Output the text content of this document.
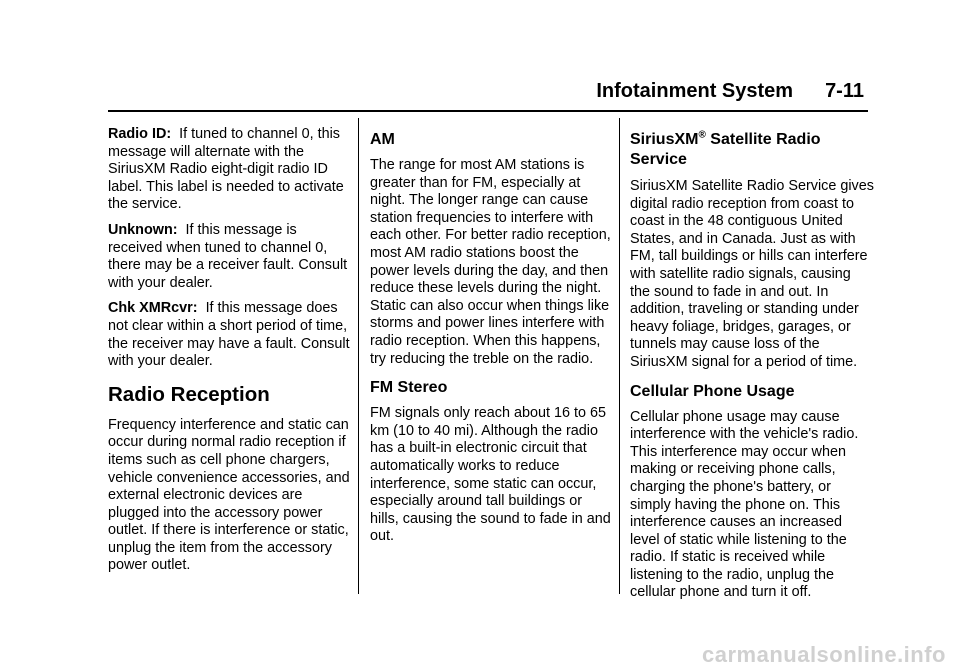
Infotainment System 7-11

Radio ID: If tuned to channel 0, this message will alternate with the SiriusXM Radio eight-digit radio ID label. This label is needed to activate the service.

Unknown: If this message is received when tuned to channel 0, there may be a receiver fault. Consult with your dealer.

Chk XMRcvr: If this message does not clear within a short period of time, the receiver may have a fault. Consult with your dealer.

Radio Reception

Frequency interference and static can occur during normal radio reception if items such as cell phone chargers, vehicle convenience accessories, and external electronic devices are plugged into the accessory power outlet. If there is interference or static, unplug the item from the accessory power outlet.

AM

The range for most AM stations is greater than for FM, especially at night. The longer range can cause station frequencies to interfere with each other. For better radio reception, most AM radio stations boost the power levels during the day, and then reduce these levels during the night. Static can also occur when things like storms and power lines interfere with radio reception. When this happens, try reducing the treble on the radio.

FM Stereo

FM signals only reach about 16 to 65 km (10 to 40 mi). Although the radio has a built-in electronic circuit that automatically works to reduce interference, some static can occur, especially around tall buildings or hills, causing the sound to fade in and out.

SiriusXM® Satellite Radio Service

SiriusXM Satellite Radio Service gives digital radio reception from coast to coast in the 48 contiguous United States, and in Canada. Just as with FM, tall buildings or hills can interfere with satellite radio signals, causing the sound to fade in and out. In addition, traveling or standing under heavy foliage, bridges, garages, or tunnels may cause loss of the SiriusXM signal for a period of time.

Cellular Phone Usage

Cellular phone usage may cause interference with the vehicle's radio. This interference may occur when making or receiving phone calls, charging the phone's battery, or simply having the phone on. This interference causes an increased level of static while listening to the radio. If static is received while listening to the radio, unplug the cellular phone and turn it off.

carmanualsonline.info
